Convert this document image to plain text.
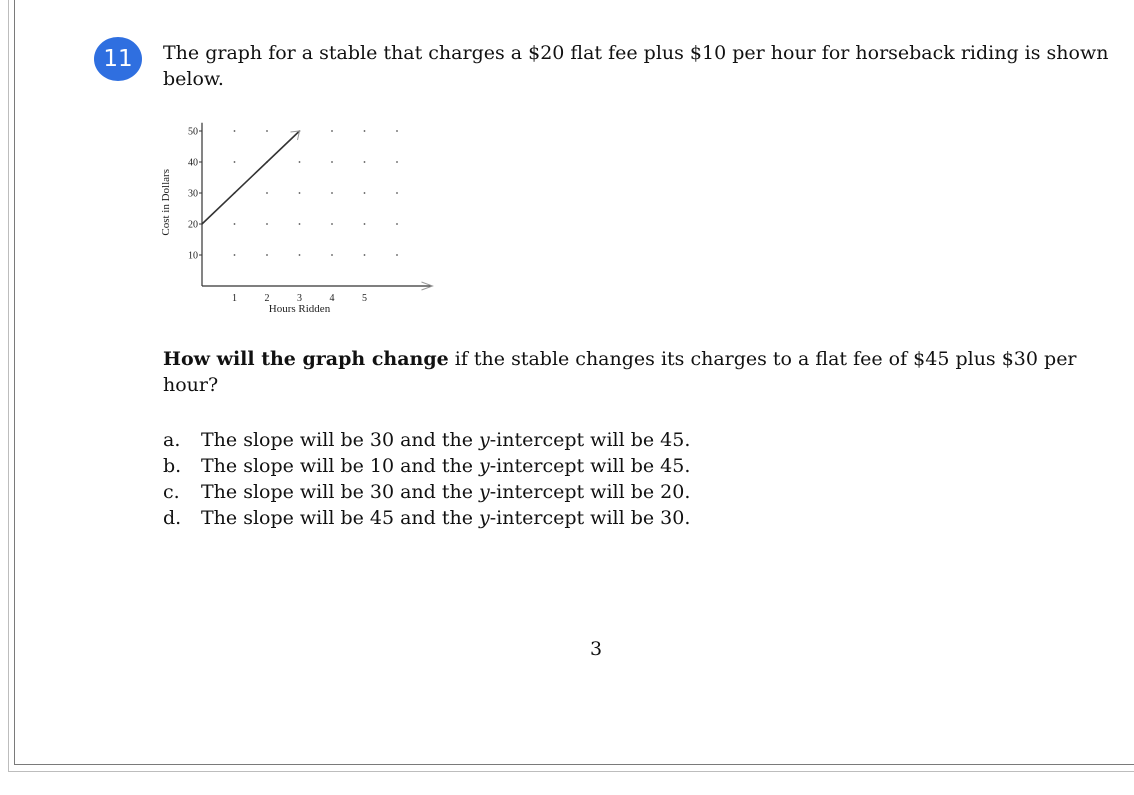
11	The graph for a stable that charges a $20 flat fee plus $10 per hour for horseback riding is shown below.

10
20
30
40
50
1	2	3	4	5
Hours Ridden
Cost in Dollars

How will the graph change if the stable changes its charges to a flat fee of $45 plus $30 per hour?

a.	The slope will be 30 and the y-intercept will be 45.
b.	The slope will be 10 and the y-intercept will be 45.
c.	The slope will be 30 and the y-intercept will be 20.
d.	The slope will be 45 and the y-intercept will be 30.
3
